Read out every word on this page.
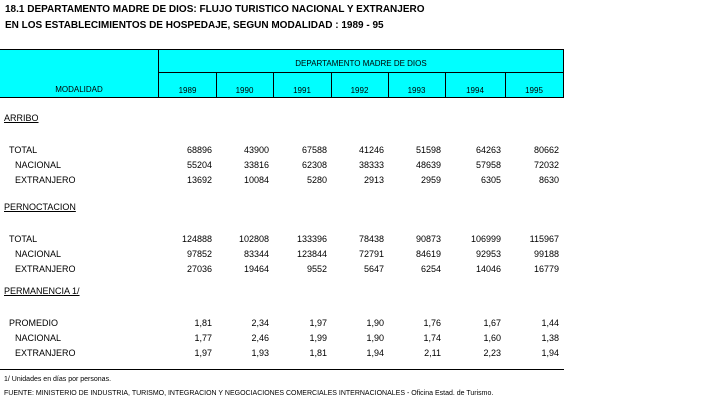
18.1 DEPARTAMENTO MADRE DE DIOS: FLUJO TURISTICO NACIONAL Y EXTRANJERO
EN LOS ESTABLECIMIENTOS DE HOSPEDAJE, SEGUN MODALIDAD : 1989 - 95
DEPARTAMENTO MADRE DE DIOS
MODALIDAD	1989	1990	1991	1992	1993	1994	1995
ARRIBO
TOTAL	68896	43900	67588	41246	51598	64263	80662
NACIONAL	55204	33816	62308	38333	48639	57958	72032
EXTRANJERO	13692	10084	5280	2913	2959	6305	8630
PERNOCTACION
TOTAL	124888	102808	133396	78438	90873	106999	115967
NACIONAL	97852	83344	123844	72791	84619	92953	99188
EXTRANJERO	27036	19464	9552	5647	6254	14046	16779
PERMANENCIA 1/
PROMEDIO	1,81	2,34	1,97	1,90	1,76	1,67	1,44
NACIONAL	1,77	2,46	1,99	1,90	1,74	1,60	1,38
EXTRANJERO	1,97	1,93	1,81	1,94	2,11	2,23	1,94
1/ Unidades en días por personas.
FUENTE: MINISTERIO DE INDUSTRIA, TURISMO, INTEGRACION Y NEGOCIACIONES COMERCIALES INTERNACIONALES - Oficina Estad. de Turismo.
